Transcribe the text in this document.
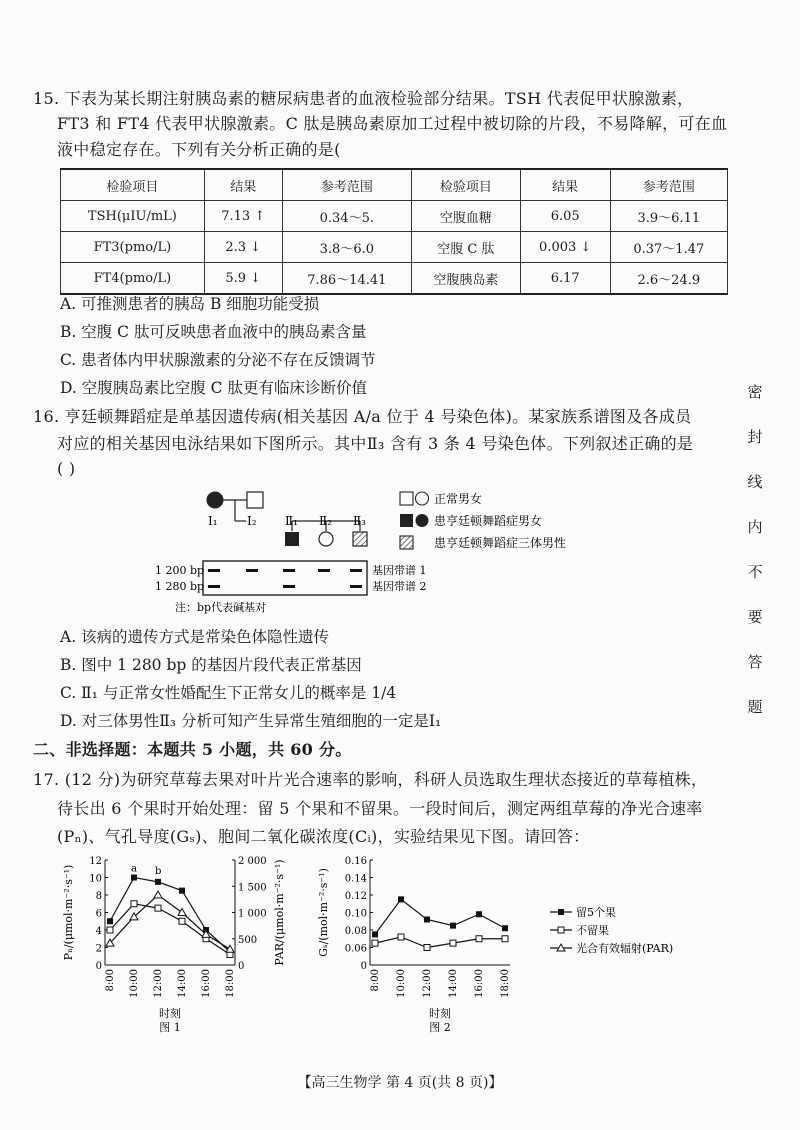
15. 下表为某长期注射胰岛素的糖尿病患者的血液检验部分结果。TSH 代表促甲状腺激素，
FT3 和 FT4 代表甲状腺激素。C 肽是胰岛素原加工过程中被切除的片段，不易降解，可在血
液中稳定存在。下列有关分析正确的是(
检验项目	结果	参考范围	检验项目	结果	参考范围
TSH(μIU/mL)	7.13 ↑	0.34～5.	空腹血糖	6.05	3.9～6.11
FT3(pmo/L)	2.3 ↓	3.8～6.0	空腹 C 肽	0.003 ↓	0.37～1.47
FT4(pmo/L)	5.9 ↓	7.86～14.41	空腹胰岛素	6.17	2.6～24.9
A. 可推测患者的胰岛 B 细胞功能受损
B. 空腹 C 肽可反映患者血液中的胰岛素含量
C. 患者体内甲状腺激素的分泌不存在反馈调节
D. 空腹胰岛素比空腹 C 肽更有临床诊断价值
16. 亨廷顿舞蹈症是单基因遗传病(相关基因 A/a 位于 4 号染色体)。某家族系谱图及各成员
对应的相关基因电泳结果如下图所示。其中Ⅱ₃ 含有 3 条 4 号染色体。下列叙述正确的是
( )
Ⅰ₁ Ⅰ₂ Ⅱ₁ Ⅱ₂ Ⅱ₃
正常男女
患亨廷顿舞蹈症男女
患亨廷顿舞蹈症三体男性
1 200 bp
1 280 bp
基因带谱 1
基因带谱 2
注：bp代表碱基对
A. 该病的遗传方式是常染色体隐性遗传
B. 图中 1 280 bp 的基因片段代表正常基因
C. Ⅱ₁ 与正常女性婚配生下正常女儿的概率是 1/4
D. 对三体男性Ⅱ₃ 分析可知产生异常生殖细胞的一定是Ⅰ₁
二、非选择题：本题共 5 小题，共 60 分。
17. (12 分)为研究草莓去果对叶片光合速率的影响，科研人员选取生理状态接近的草莓植株，
待长出 6 个果时开始处理：留 5 个果和不留果。一段时间后，测定两组草莓的净光合速率
(Pₙ)、气孔导度(Gₛ)、胞间二氧化碳浓度(Cᵢ)，实验结果见下图。请回答：
0
2
4
6
8
10
12
0
500
1 000
1 500
2 000
8:00 10:00 12:00 14:00 16:00 18:00
Pₙ/(μmol·m⁻²·s⁻¹)	PAR/(μmol·m⁻²·s⁻¹)
时刻
图 1
a b
0
0.06
0.08
0.10
0.12
0.14
0.16
8:00 10:00 12:00 14:00 16:00 18:00
Gₛ/(mol·m⁻²·s⁻¹)
时刻
图 2
留5个果
不留果
光合有效辐射(PAR)
密
封
线
内
不
要
答
题
【高三生物学 第 4 页(共 8 页)】
